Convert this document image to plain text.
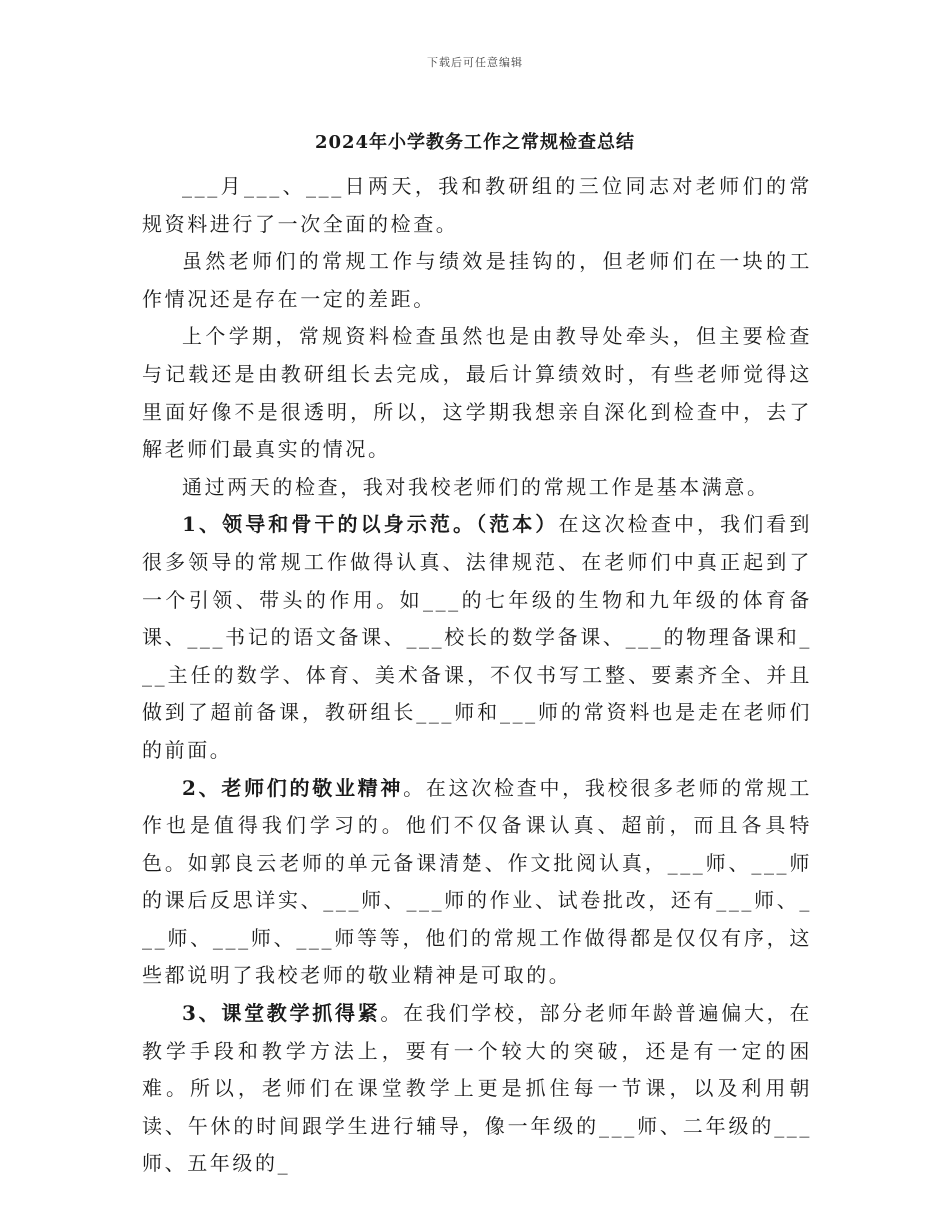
下载后可任意编辑
2024年小学教务工作之常规检查总结

___月___、___日两天，我和教研组的三位同志对老师们的常规资料进行了一次全面的检查。

虽然老师们的常规工作与绩效是挂钩的，但老师们在一块的工作情况还是存在一定的差距。

上个学期，常规资料检查虽然也是由教导处牵头，但主要检查与记载还是由教研组长去完成，最后计算绩效时，有些老师觉得这里面好像不是很透明，所以，这学期我想亲自深化到检查中，去了解老师们最真实的情况。

通过两天的检查，我对我校老师们的常规工作是基本满意。

1、领导和骨干的以身示范。（范本）在这次检查中，我们看到很多领导的常规工作做得认真、法律规范、在老师们中真正起到了一个引领、带头的作用。如___的七年级的生物和九年级的体育备课、___书记的语文备课、___校长的数学备课、___的物理备课和___主任的数学、体育、美术备课，不仅书写工整、要素齐全、并且做到了超前备课，教研组长___师和___师的常资料也是走在老师们的前面。

2、老师们的敬业精神。在这次检查中，我校很多老师的常规工作也是值得我们学习的。他们不仅备课认真、超前，而且各具特色。如郭良云老师的单元备课清楚、作文批阅认真，___师、___师的课后反思详实、___师、___师的作业、试卷批改，还有___师、___师、___师、___师等等，他们的常规工作做得都是仅仅有序，这些都说明了我校老师的敬业精神是可取的。

3、课堂教学抓得紧。在我们学校，部分老师年龄普遍偏大，在教学手段和教学方法上，要有一个较大的突破，还是有一定的困难。所以，老师们在课堂教学上更是抓住每一节课，以及利用朝读、午休的时间跟学生进行辅导，像一年级的___师、二年级的___师、五年级的_
